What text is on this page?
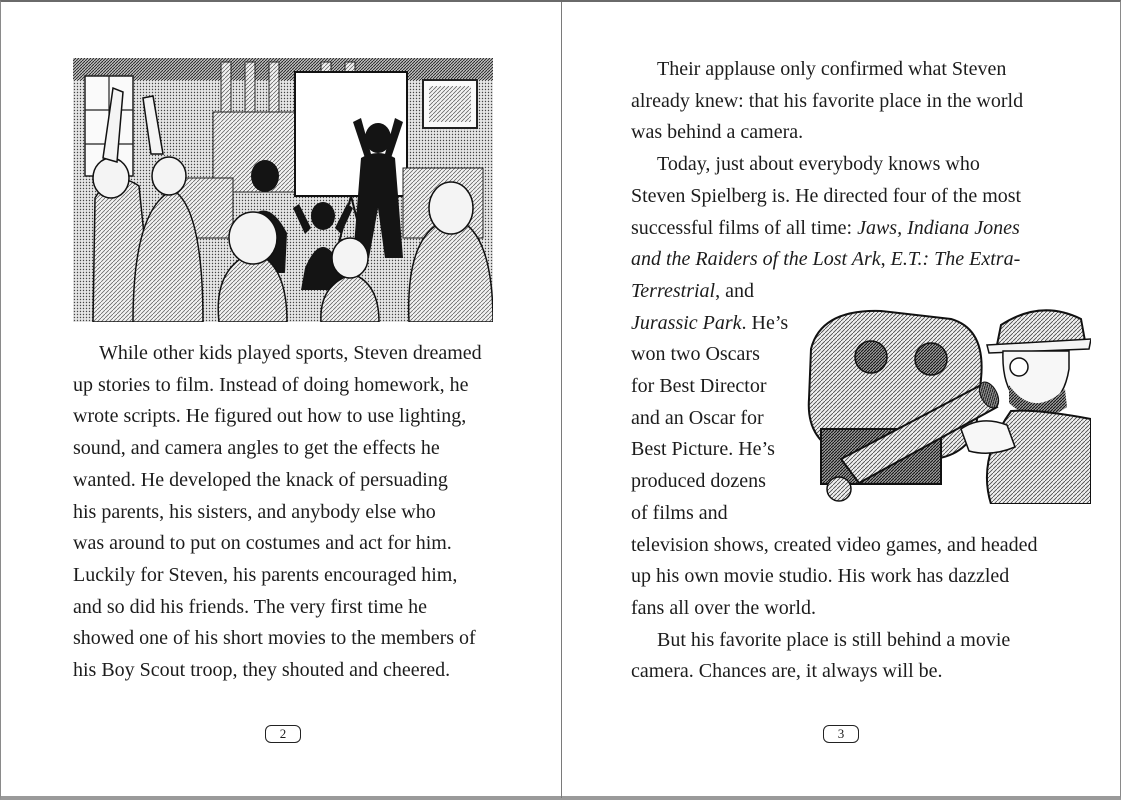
While other kids played sports, Steven dreamed
up stories to film. Instead of doing homework, he
wrote scripts. He figured out how to use lighting,
sound, and camera angles to get the effects he
wanted. He developed the knack of persuading
his parents, his sisters, and anybody else who
was around to put on costumes and act for him.
Luckily for Steven, his parents encouraged him,
and so did his friends. The very first time he
showed one of his short movies to the members of
his Boy Scout troop, they shouted and cheered.

2

Their applause only confirmed what Steven
already knew: that his favorite place in the world
was behind a camera.
Today, just about everybody knows who
Steven Spielberg is. He directed four of the most
successful films of all time: Jaws, Indiana Jones
and the Raiders of the Lost Ark, E.T.: The Extra-
Terrestrial, and
Jurassic Park. He’s
won two Oscars
for Best Director
and an Oscar for
Best Picture. He’s
produced dozens
of films and
television shows, created video games, and headed
up his own movie studio. His work has dazzled
fans all over the world.
But his favorite place is still behind a movie
camera. Chances are, it always will be.

3
